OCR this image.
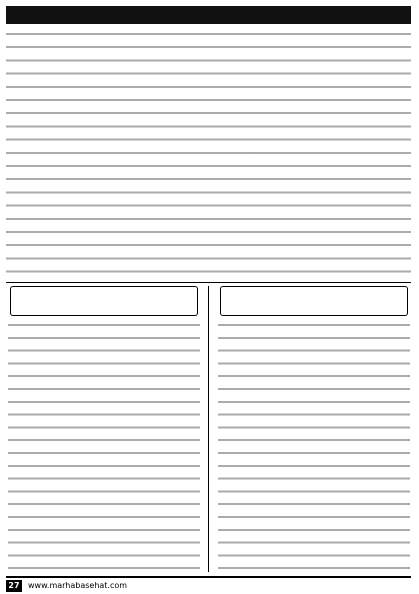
27	www.marhabasehat.com
